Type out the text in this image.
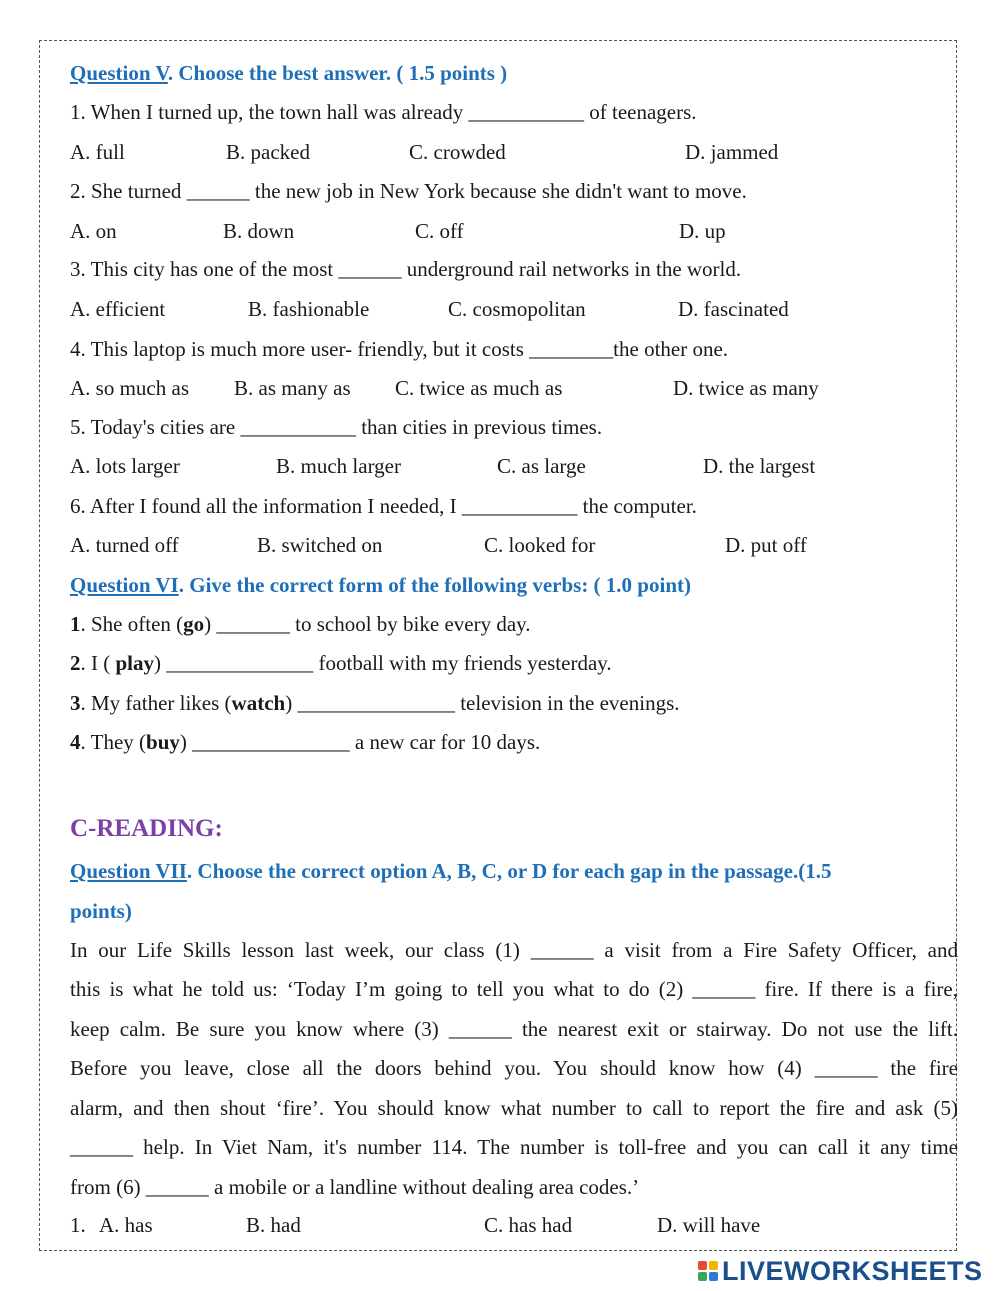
Question V. Choose the best answer. ( 1.5 points )
1. When I turned up, the town hall was already ___________ of teenagers.
A. full	B. packed	C. crowded	D. jammed
2. She turned ______ the new job in New York because she didn't want to move.
A. on	B. down	C. off	D. up
3. This city has one of the most ______ underground rail networks in the world.
A. efficient	B. fashionable	C. cosmopolitan	D. fascinated
4. This laptop is much more user- friendly, but it costs ________the other one.
A. so much as B. as many as C. twice as much as	D. twice as many
5. Today's cities are ___________ than cities in previous times.
A. lots larger	B. much larger	C. as large	D. the largest
6. After I found all the information I needed, I ___________ the computer.
A. turned off	B. switched on	C. looked for	D. put off
Question VI. Give the correct form of the following verbs: ( 1.0 point)
1. She often (go) _______ to school by bike every day.
2. I ( play) ______________ football with my friends yesterday.
3. My father likes (watch) _______________ television in the evenings.
4. They (buy) _______________ a new car for 10 days.
C-READING:
Question VII. Choose the correct option A, B, C, or D for each gap in the passage.(1.5
points)
In our Life Skills lesson last week, our class (1) ______ a visit from a Fire Safety Officer, and
this is what he told us: ‘Today I’m going to tell you what to do (2) ______ fire. If there is a fire,
keep calm. Be sure you know where (3) ______ the nearest exit or stairway. Do not use the lift.
Before you leave, close all the doors behind you. You should know how (4) ______ the fire
alarm, and then shout ‘fire’. You should know what number to call to report the fire and ask (5)
______ help. In Viet Nam, it's number 114. The number is toll-free and you can call it any time
from (6) ______ a mobile or a landline without dealing area codes.’
1. A. has	B. had	C. has had	D. will have
LIVEWORKSHEETS
